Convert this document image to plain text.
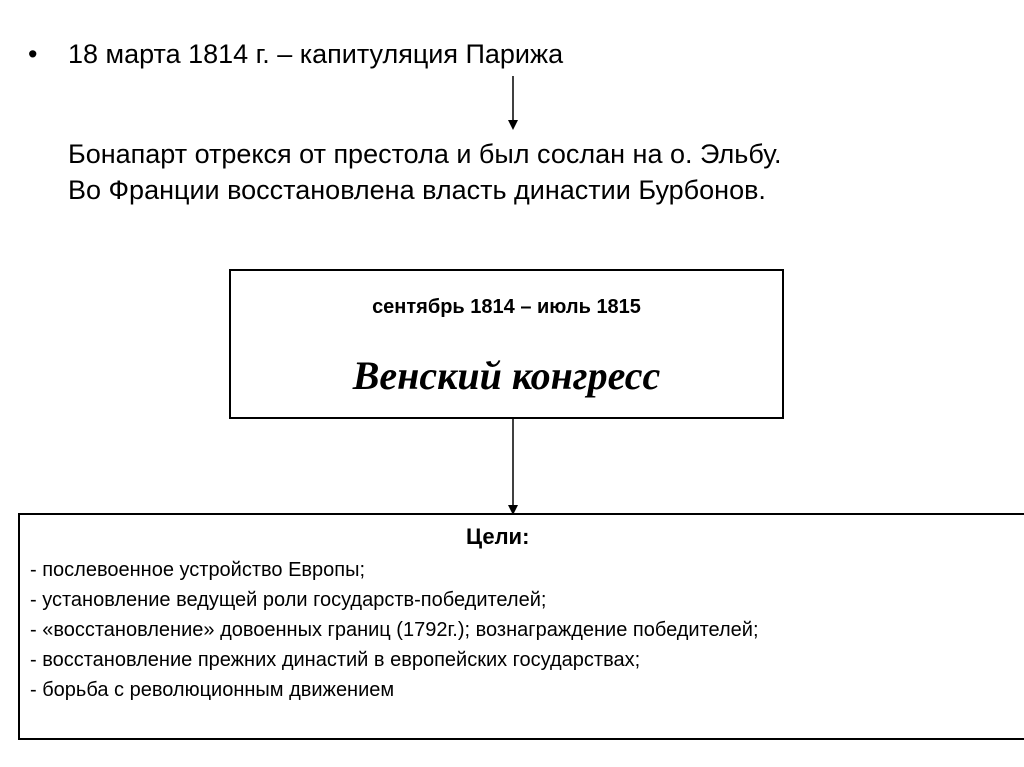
• 18 марта 1814 г. – капитуляция Парижа
Бонапарт отрекся от престола и был сослан на о. Эльбу.
Во Франции восстановлена власть династии Бурбонов.
сентябрь 1814 – июль 1815
Венский конгресс
Цели:
- послевоенное устройство Европы;
- установление ведущей роли государств-победителей;
- «восстановление» довоенных границ (1792г.); вознаграждение победителей;
- восстановление прежних династий в европейских государствах;
- борьба с революционным движением
